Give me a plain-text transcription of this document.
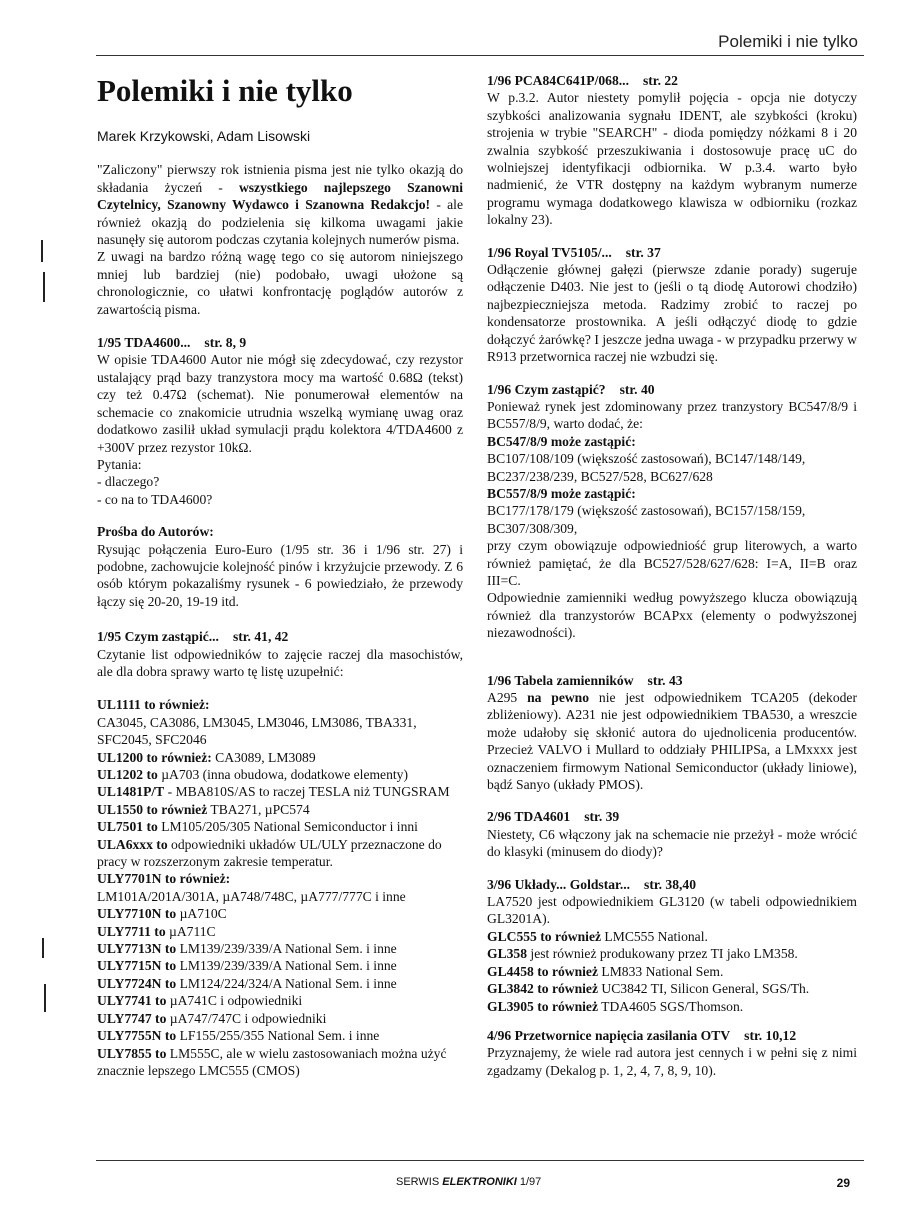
Polemiki i nie tylko
Polemiki i nie tylko
Marek Krzykowski, Adam Lisowski

"Zaliczony" pierwszy rok istnienia pisma jest nie tylko okazją do składania życzeń - wszystkiego najlepszego Szanowni Czytelnicy, Szanowny Wydawco i Szanowna Redakcjo! - ale również okazją do podzielenia się kilkoma uwagami jakie nasunęły się autorom podczas czytania kolejnych numerów pisma.

Z uwagi na bardzo różną wagę tego co się autorom niniejszego mniej lub bardziej (nie) podobało, uwagi ułożone są chronologicznie, co ułatwi konfrontację poglądów autorów z zawartością pisma.

1/95 TDA4600... str. 8, 9

W opisie TDA4600 Autor nie mógł się zdecydować, czy rezystor ustalający prąd bazy tranzystora mocy ma wartość 0.68Ω (tekst) czy też 0.47Ω (schemat). Nie ponumerował elementów na schemacie co znakomicie utrudnia wszelką wymianę uwag oraz dodatkowo zasilił układ symulacji prądu kolektora 4/TDA4600 z +300V przez rezystor 10kΩ.

Pytania:

- dlaczego?

- co na to TDA4600?

Prośba do Autorów:

Rysując połączenia Euro-Euro (1/95 str. 36 i 1/96 str. 27) i podobne, zachowujcie kolejność pinów i krzyżujcie przewody. Z 6 osób którym pokazaliśmy rysunek - 6 powiedziało, że przewody łączy się 20-20, 19-19 itd.

1/95 Czym zastąpić... str. 41, 42

Czytanie list odpowiedników to zajęcie raczej dla masochistów, ale dla dobra sprawy warto tę listę uzupełnić:

UL1111 to również:

CA3045, CA3086, LM3045, LM3046, LM3086, TBA331, SFC2045, SFC2046

UL1200 to również: CA3089, LM3089

UL1202 to µA703 (inna obudowa, dodatkowe elementy)

UL1481P/T - MBA810S/AS to raczej TESLA niż TUNGSRAM

UL1550 to również TBA271, µPC574

UL7501 to LM105/205/305 National Semiconductor i inni

ULA6xxx to odpowiedniki układów UL/ULY przeznaczone do pracy w rozszerzonym zakresie temperatur.

ULY7701N to również:

LM101A/201A/301A, µA748/748C, µA777/777C i inne

ULY7710N to µA710C

ULY7711 to µA711C

ULY7713N to LM139/239/339/A National Sem. i inne

ULY7715N to LM139/239/339/A National Sem. i inne

ULY7724N to LM124/224/324/A National Sem. i inne

ULY7741 to µA741C i odpowiedniki

ULY7747 to µA747/747C i odpowiedniki

ULY7755N to LF155/255/355 National Sem. i inne

ULY7855 to LM555C, ale w wielu zastosowaniach można użyć znacznie lepszego LMC555 (CMOS)

1/96 PCA84C641P/068... str. 22

W p.3.2. Autor niestety pomylił pojęcia - opcja nie dotyczy szybkości analizowania sygnału IDENT, ale szybkości (kroku) strojenia w trybie "SEARCH" - dioda pomiędzy nóżkami 8 i 20 zwalnia szybkość przeszukiwania i dostosowuje pracę uC do wolniejszej identyfikacji odbiornika. W p.3.4. warto było nadmienić, że VTR dostępny na każdym wybranym numerze programu wymaga dodatkowego klawisza w odbiorniku (rozkaz lokalny 23).

1/96 Royal TV5105/... str. 37

Odłączenie głównej gałęzi (pierwsze zdanie porady) sugeruje odłączenie D403. Nie jest to (jeśli o tą diodę Autorowi chodziło) najbezpieczniejsza metoda. Radzimy zrobić to raczej po kondensatorze prostownika. A jeśli odłączyć diodę to gdzie dołączyć żarówkę? I jeszcze jedna uwaga - w przypadku przerwy w R913 przetwornica raczej nie wzbudzi się.

1/96 Czym zastąpić? str. 40

Ponieważ rynek jest zdominowany przez tranzystory BC547/8/9 i BC557/8/9, warto dodać, że:

BC547/8/9 może zastąpić:

BC107/108/109 (większość zastosowań), BC147/148/149, BC237/238/239, BC527/528, BC627/628

BC557/8/9 może zastąpić:

BC177/178/179 (większość zastosowań), BC157/158/159, BC307/308/309,

przy czym obowiązuje odpowiedniość grup literowych, a warto również pamiętać, że dla BC527/528/627/628: I=A, II=B oraz III=C.

Odpowiednie zamienniki według powyższego klucza obowiązują również dla tranzystorów BCAPxx (elementy o podwyższonej niezawodności).

1/96 Tabela zamienników str. 43

A295 na pewno nie jest odpowiednikem TCA205 (dekoder zbliżeniowy). A231 nie jest odpowiednikiem TBA530, a wreszcie może udałoby się skłonić autora do ujednolicenia producentów. Przecież VALVO i Mullard to oddziały PHILIPSa, a LMxxxx jest oznaczeniem firmowym National Semiconductor (układy liniowe), bądź Sanyo (układy PMOS).

2/96 TDA4601 str. 39

Niestety, C6 włączony jak na schemacie nie przeżył - może wrócić do klasyki (minusem do diody)?

3/96 Układy... Goldstar... str. 38,40

LA7520 jest odpowiednikiem GL3120 (w tabeli odpowiednikiem GL3201A).

GLC555 to również LMC555 National.

GL358 jest również produkowany przez TI jako LM358.

GL4458 to również LM833 National Sem.

GL3842 to również UC3842 TI, Silicon General, SGS/Th.

GL3905 to również TDA4605 SGS/Thomson.

4/96 Przetwornice napięcia zasilania OTV str. 10,12

Przyznajemy, że wiele rad autora jest cennych i w pełni się z nimi zgadzamy (Dekalog p. 1, 2, 4, 7, 8, 9, 10).

SERWIS ELEKTRONIKI 1/97	29
